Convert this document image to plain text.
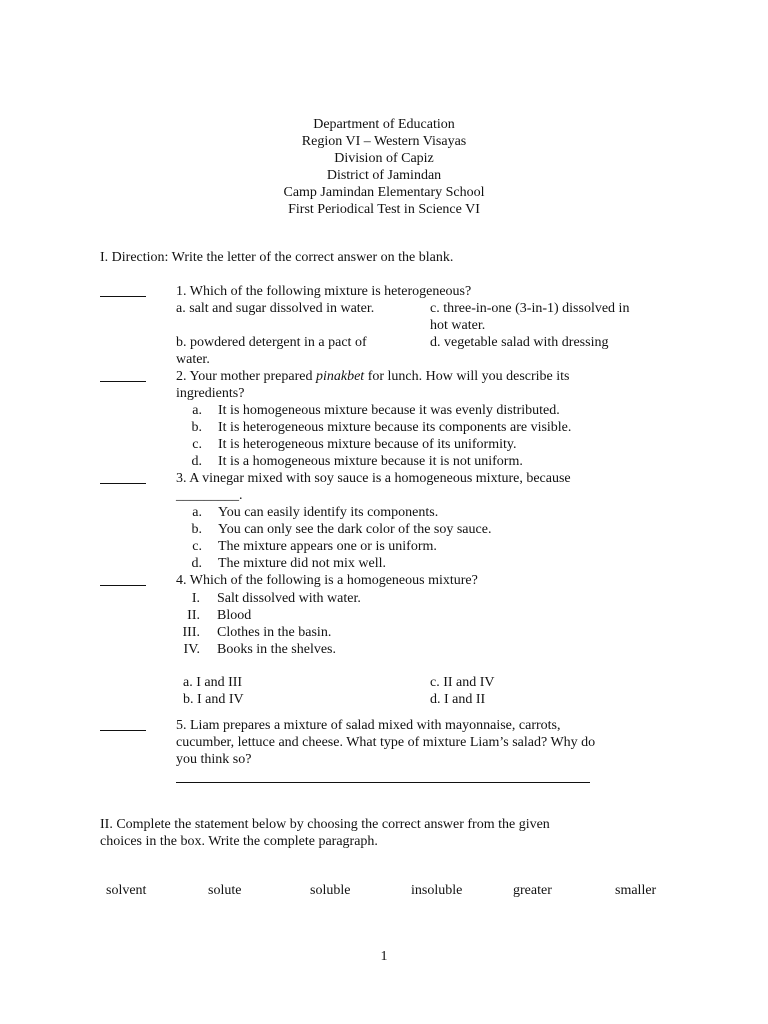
Department of Education
Region VI – Western Visayas
Division of Capiz
District of Jamindan
Camp Jamindan Elementary School
First Periodical Test in Science VI
I. Direction: Write the letter of the correct answer on the blank.
1. Which of the following mixture is heterogeneous?
a. salt and sugar dissolved in water.	c. three-in-one (3-in-1) dissolved in
hot water.
b. powdered detergent in a pact of	d. vegetable salad with dressing
water.
2. Your mother prepared pinakbet for lunch. How will you describe its
ingredients?
a. It is homogeneous mixture because it was evenly distributed.
b. It is heterogeneous mixture because its components are visible.
c. It is heterogeneous mixture because of its uniformity.
d. It is a homogeneous mixture because it is not uniform.
3. A vinegar mixed with soy sauce is a homogeneous mixture, because
_________.
a. You can easily identify its components.
b. You can only see the dark color of the soy sauce.
c. The mixture appears one or is uniform.
d. The mixture did not mix well.
4. Which of the following is a homogeneous mixture?
I. Salt dissolved with water.
II. Blood
III. Clothes in the basin.
IV. Books in the shelves.
a. I and III	c. II and IV
b. I and IV	d. I and II
5. Liam prepares a mixture of salad mixed with mayonnaise, carrots,
cucumber, lettuce and cheese. What type of mixture Liam’s salad? Why do
you think so?
II. Complete the statement below by choosing the correct answer from the given
choices in the box. Write the complete paragraph.
solvent	solute	soluble	insoluble	greater	smaller
1
